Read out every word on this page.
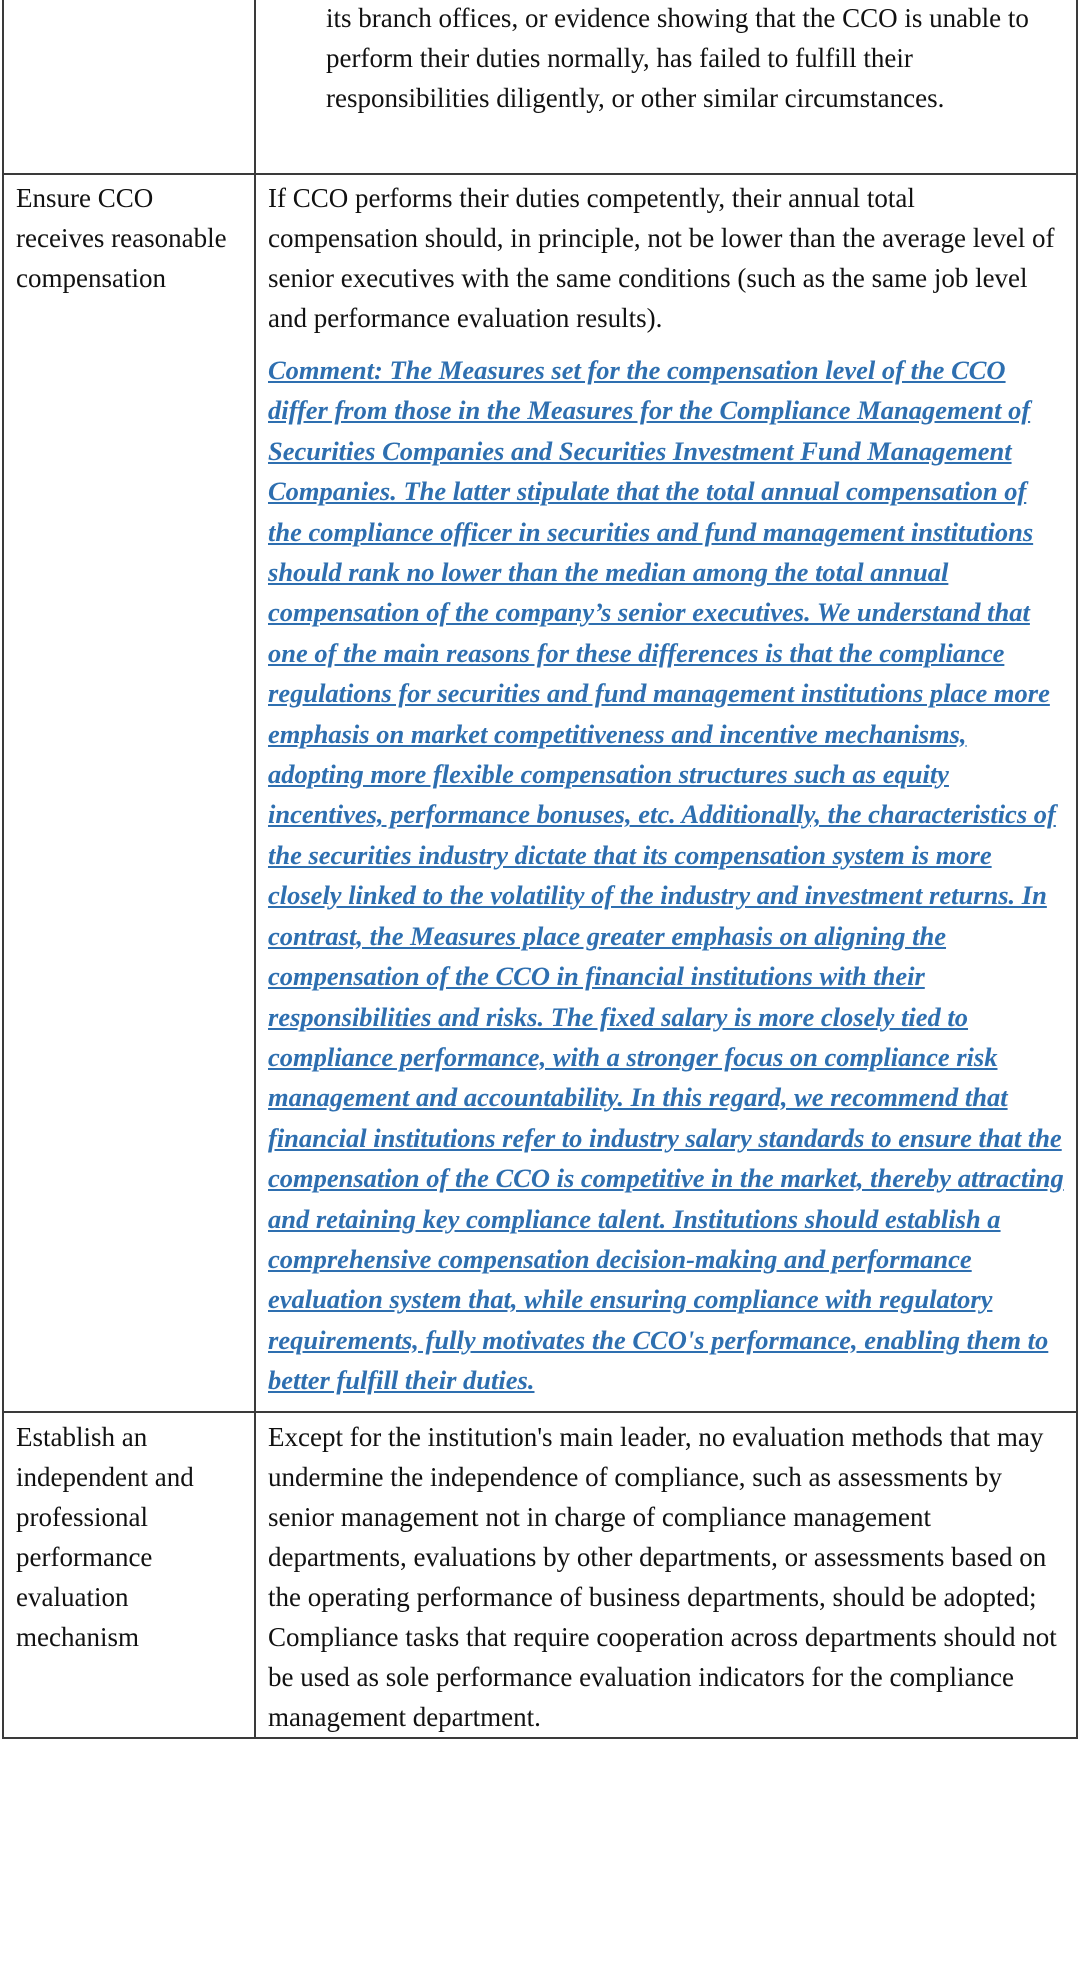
	its branch offices, or evidence showing that the CCO is unable to perform their duties normally, has failed to fulfill their responsibilities diligently, or other similar circumstances.

Ensure CCO receives reasonable compensation	If CCO performs their duties competently, their annual total compensation should, in principle, not be lower than the average level of senior executives with the same conditions (such as the same job level and performance evaluation results).

Comment: The Measures set for the compensation level of the CCO differ from those in the Measures for the Compliance Management of Securities Companies and Securities Investment Fund Management Companies. The latter stipulate that the total annual compensation of the compliance officer in securities and fund management institutions should rank no lower than the median among the total annual compensation of the company’s senior executives. We understand that one of the main reasons for these differences is that the compliance regulations for securities and fund management institutions place more emphasis on market competitiveness and incentive mechanisms, adopting more flexible compensation structures such as equity incentives, performance bonuses, etc. Additionally, the characteristics of the securities industry dictate that its compensation system is more closely linked to the volatility of the industry and investment returns. In contrast, the Measures place greater emphasis on aligning the compensation of the CCO in financial institutions with their responsibilities and risks. The fixed salary is more closely tied to compliance performance, with a stronger focus on compliance risk management and accountability. In this regard, we recommend that financial institutions refer to industry salary standards to ensure that the compensation of the CCO is competitive in the market, thereby attracting and retaining key compliance talent. Institutions should establish a comprehensive compensation decision-making and performance evaluation system that, while ensuring compliance with regulatory requirements, fully motivates the CCO's performance, enabling them to better fulfill their duties.

Establish an independent and professional performance evaluation mechanism	Except for the institution's main leader, no evaluation methods that may undermine the independence of compliance, such as assessments by senior management not in charge of compliance management departments, evaluations by other departments, or assessments based on the operating performance of business departments, should be adopted; Compliance tasks that require cooperation across departments should not be used as sole performance evaluation indicators for the compliance management department.
